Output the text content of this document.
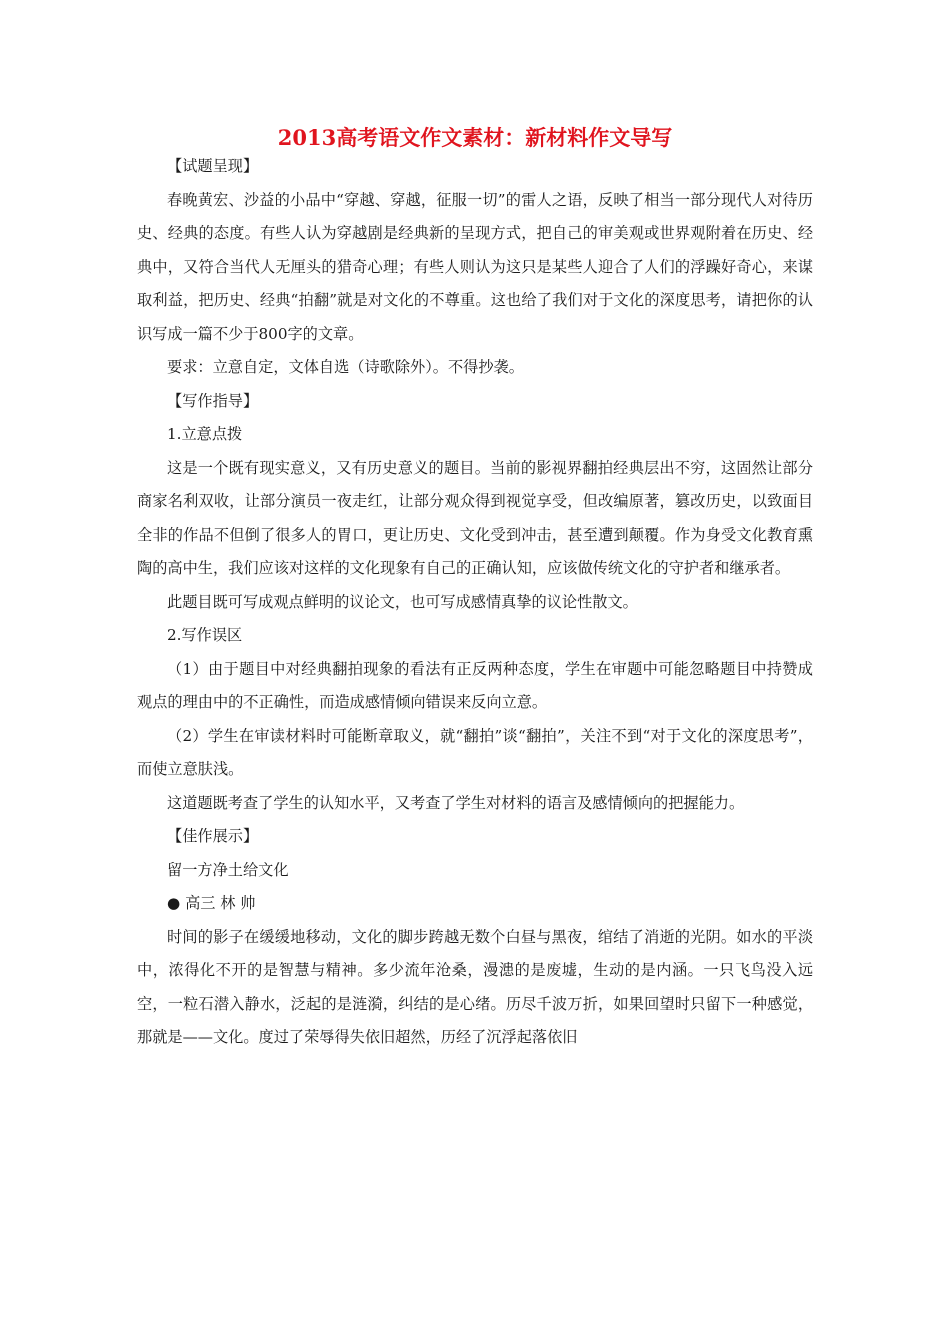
2013高考语文作文素材：新材料作文导写

【试题呈现】

春晚黄宏、沙益的小品中“穿越、穿越，征服一切”的雷人之语，反映了相当一部分现代人对待历史、经典的态度。有些人认为穿越剧是经典新的呈现方式，把自己的审美观或世界观附着在历史、经典中，又符合当代人无厘头的猎奇心理；有些人则认为这只是某些人迎合了人们的浮躁好奇心，来谋取利益，把历史、经典“拍翻”就是对文化的不尊重。这也给了我们对于文化的深度思考，请把你的认识写成一篇不少于800字的文章。

要求：立意自定，文体自选（诗歌除外）。不得抄袭。

【写作指导】

1.立意点拨

这是一个既有现实意义，又有历史意义的题目。当前的影视界翻拍经典层出不穷，这固然让部分商家名利双收，让部分演员一夜走红，让部分观众得到视觉享受，但改编原著，篡改历史，以致面目全非的作品不但倒了很多人的胃口，更让历史、文化受到冲击，甚至遭到颠覆。作为身受文化教育熏陶的高中生，我们应该对这样的文化现象有自己的正确认知，应该做传统文化的守护者和继承者。

此题目既可写成观点鲜明的议论文，也可写成感情真挚的议论性散文。

2.写作误区

（1）由于题目中对经典翻拍现象的看法有正反两种态度，学生在审题中可能忽略题目中持赞成观点的理由中的不正确性，而造成感情倾向错误来反向立意。

（2）学生在审读材料时可能断章取义，就“翻拍”谈“翻拍”，关注不到“对于文化的深度思考”，而使立意肤浅。

这道题既考查了学生的认知水平，又考查了学生对材料的语言及感情倾向的把握能力。

【佳作展示】

留一方净土给文化

● 高三 林 帅

时间的影子在缓缓地移动，文化的脚步跨越无数个白昼与黑夜，绾结了消逝的光阴。如水的平淡中，浓得化不开的是智慧与精神。多少流年沧桑，漫漶的是废墟，生动的是内涵。一只飞鸟没入远空，一粒石潜入静水，泛起的是涟漪，纠结的是心绪。历尽千波万折，如果回望时只留下一种感觉，那就是——文化。度过了荣辱得失依旧超然，历经了沉浮起落依旧
